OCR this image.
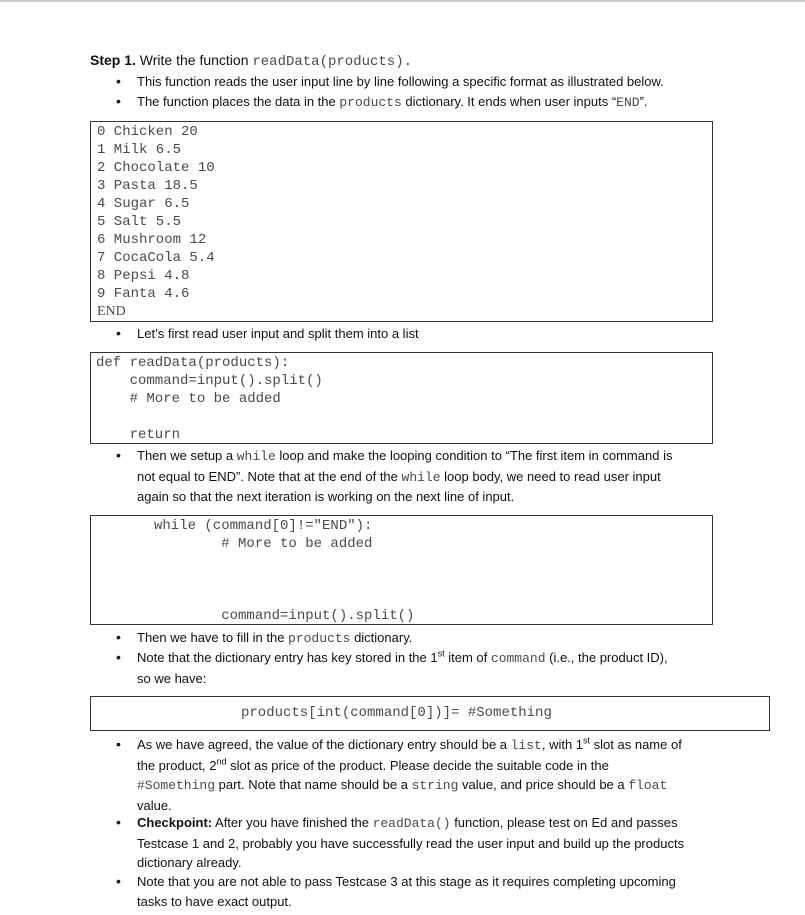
Step 1. Write the function readData(products).
• This function reads the user input line by line following a specific format as illustrated below.
• The function places the data in the products dictionary. It ends when user inputs “END”.
0 Chicken 20
1 Milk 6.5
2 Chocolate 10
3 Pasta 18.5
4 Sugar 6.5
5 Salt 5.5
6 Mushroom 12
7 CocaCola 5.4
8 Pepsi 4.8
9 Fanta 4.6
END
• Let’s first read user input and split them into a list
def readData(products):
command=input().split()
# More to be added
return
• Then we setup a while loop and make the looping condition to “The first item in command is
not equal to END”. Note that at the end of the while loop body, we need to read user input
again so that the next iteration is working on the next line of input.
while (command[0]!="END"):
# More to be added
command=input().split()
• Then we have to fill in the products dictionary.
• Note that the dictionary entry has key stored in the 1st item of command (i.e., the product ID),
so we have:
products[int(command[0])]= #Something
• As we have agreed, the value of the dictionary entry should be a list, with 1st slot as name of
the product, 2nd slot as price of the product. Please decide the suitable code in the
#Something part. Note that name should be a string value, and price should be a float
value.
• Checkpoint: After you have finished the readData() function, please test on Ed and passes
Testcase 1 and 2, probably you have successfully read the user input and build up the products
dictionary already.
• Note that you are not able to pass Testcase 3 at this stage as it requires completing upcoming
tasks to have exact output.
